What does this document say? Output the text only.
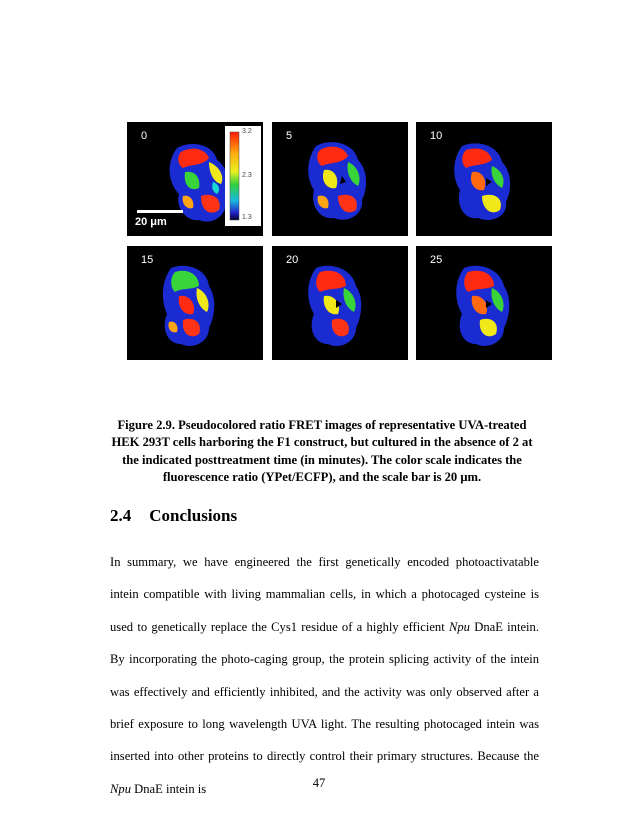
0	3.2
2.3
1.3
20 μm
5	10
15	20	25
Figure 2.9. Pseudocolored ratio FRET images of representative UVA-treated HEK 293T cells harboring the F1 construct, but cultured in the absence of 2 at the indicated posttreatment time (in minutes). The color scale indicates the fluorescence ratio (YPet/ECFP), and the scale bar is 20 μm.
2.4 Conclusions
In summary, we have engineered the first genetically encoded photoactivatable intein compatible with living mammalian cells, in which a photocaged cysteine is used to genetically replace the Cys1 residue of a highly efficient Npu DnaE intein. By incorporating the photo-caging group, the protein splicing activity of the intein was effectively and efficiently inhibited, and the activity was only observed after a brief exposure to long wavelength UVA light. The resulting photocaged intein was inserted into other proteins to directly control their primary structures. Because the Npu DnaE intein is	47
